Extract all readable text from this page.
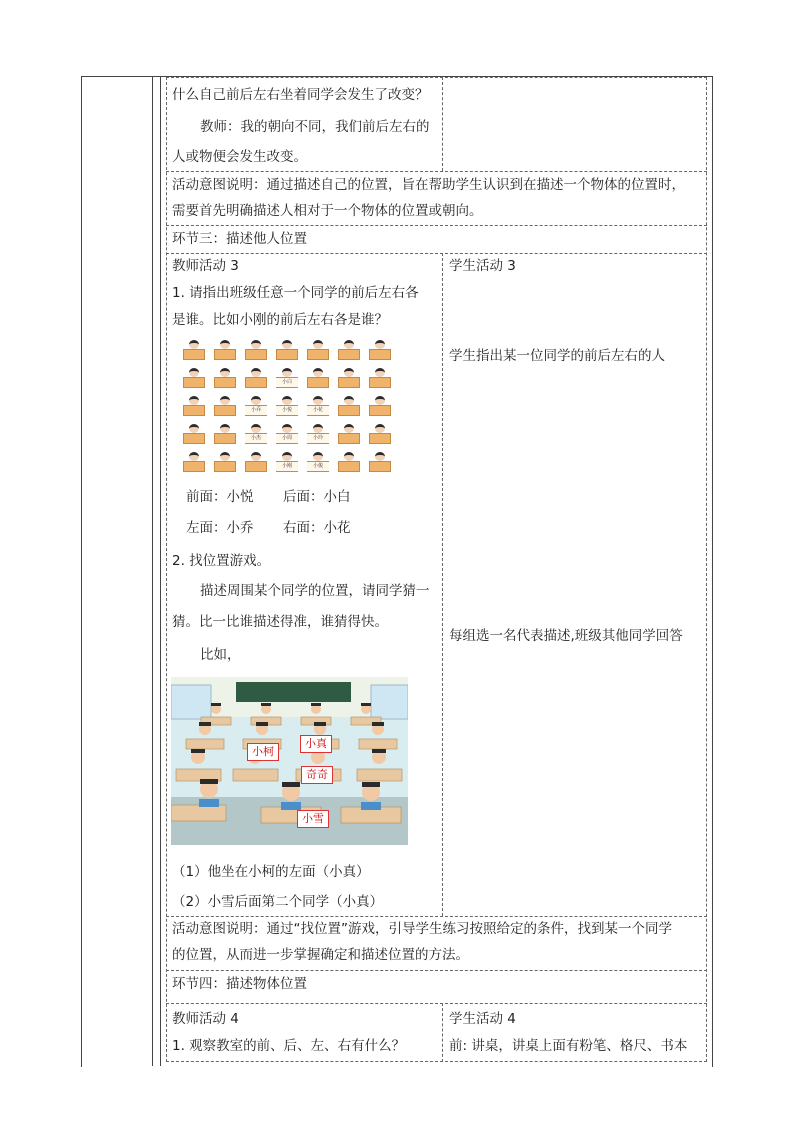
什么自己前后左右坐着同学会发生了改变？
教师：我的朝向不同，我们前后左右的
人或物便会发生改变。
活动意图说明：通过描述自己的位置，旨在帮助学生认识到在描述一个物体的位置时，
需要首先明确描述人相对于一个物体的位置或朝向。
环节三：描述他人位置
教师活动 3	学生活动 3
1. 请指出班级任意一个同学的前后左右各
是谁。比如小刚的前后左右各是谁？
学生指出某一位同学的前后左右的人
小白
小乔	小悦	小花
小杰	小周	小玲
小刚	小俊
前面：小悦 后面：小白
左面：小乔 右面：小花
2. 找位置游戏。
描述周围某个同学的位置，请同学猜一
猜。比一比谁描述得准，谁猜得快。
每组选一名代表描述,班级其他同学回答
比如，
小柯
小真
奇奇
小雪
（1）他坐在小柯的左面（小真）
（2）小雪后面第二个同学（小真）
活动意图说明：通过“找位置”游戏，引导学生练习按照给定的条件，找到某一个同学
的位置，从而进一步掌握确定和描述位置的方法。
环节四：描述物体位置
教师活动 4	学生活动 4
1. 观察教室的前、后、左、右有什么？	前: 讲桌，讲桌上面有粉笔、格尺、书本
